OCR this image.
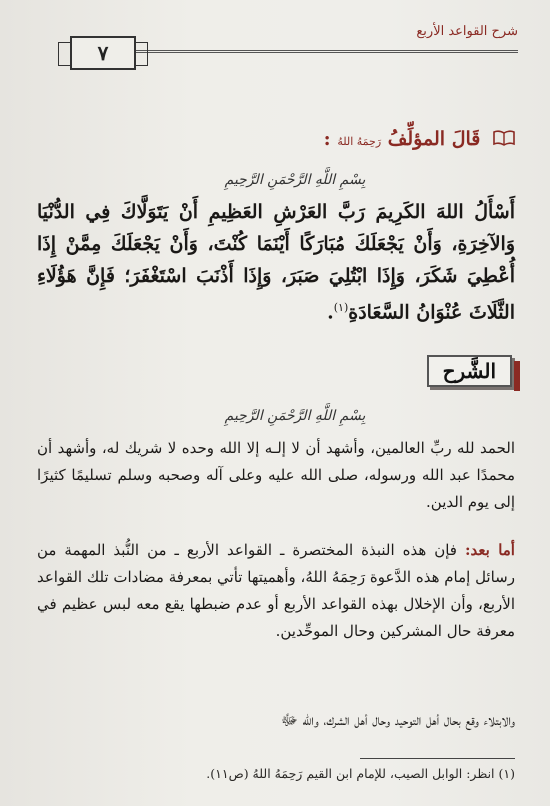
شرح القواعد الأربع
٧
قَالَ المؤلِّفُ رَحِمَهُ اللهُ :
بِسْمِ اللَّهِ الرَّحْمَنِ الرَّحِيمِ
أَسْأَلُ اللهَ الكَرِيمَ رَبَّ العَرْشِ العَظِيمِ أَنْ يَتَوَلَّاكَ فِي الدُّنْيَا وَالآخِرَةِ، وَأَنْ يَجْعَلَكَ مُبَارَكًا أَيْنَمَا كُنْتَ، وَأَنْ يَجْعَلَكَ مِمَّنْ إِذَا أُعْطِيَ شَكَرَ، وَإِذَا ابْتُلِيَ صَبَرَ، وَإِذَا أَذْنَبَ اسْتَغْفَرَ؛ فَإِنَّ هَؤُلَاءِ الثَّلَاثَ عُنْوَانُ السَّعَادَةِ$^{(١)}$.
الشَّرح
بِسْمِ اللَّهِ الرَّحْمَنِ الرَّحِيمِ
الحمد لله ربِّ العالمين، وأشهد أن لا إلـه إلا الله وحده لا شريك له، وأشهد أن محمدًا عبد الله ورسوله، صلى الله عليه وعلى آله وصحبه وسلم تسليمًا كثيرًا إلى يوم الدين.
أما بعد: فإن هذه النبذة المختصرة ـ القواعد الأربع ـ من النُّبذ المهمة من رسائل إمام هذه الدَّعوة رَحِمَهُ اللهُ، وأهميتها تأتي بمعرفة مضادات تلك القواعد الأربع، وأن الإخلال بهذه القواعد الأربع أو عدم ضبطها يقع معه لبس عظيم في معرفة حال المشركين وحال الموحِّدين.
والابتلاء وقع بحال أهل التوحيد وحال أهل الشرك، والله ﷻ
(١) انظر: الوابل الصيب، للإمام ابن القيم رَحِمَهُ اللهُ (ص١١).
